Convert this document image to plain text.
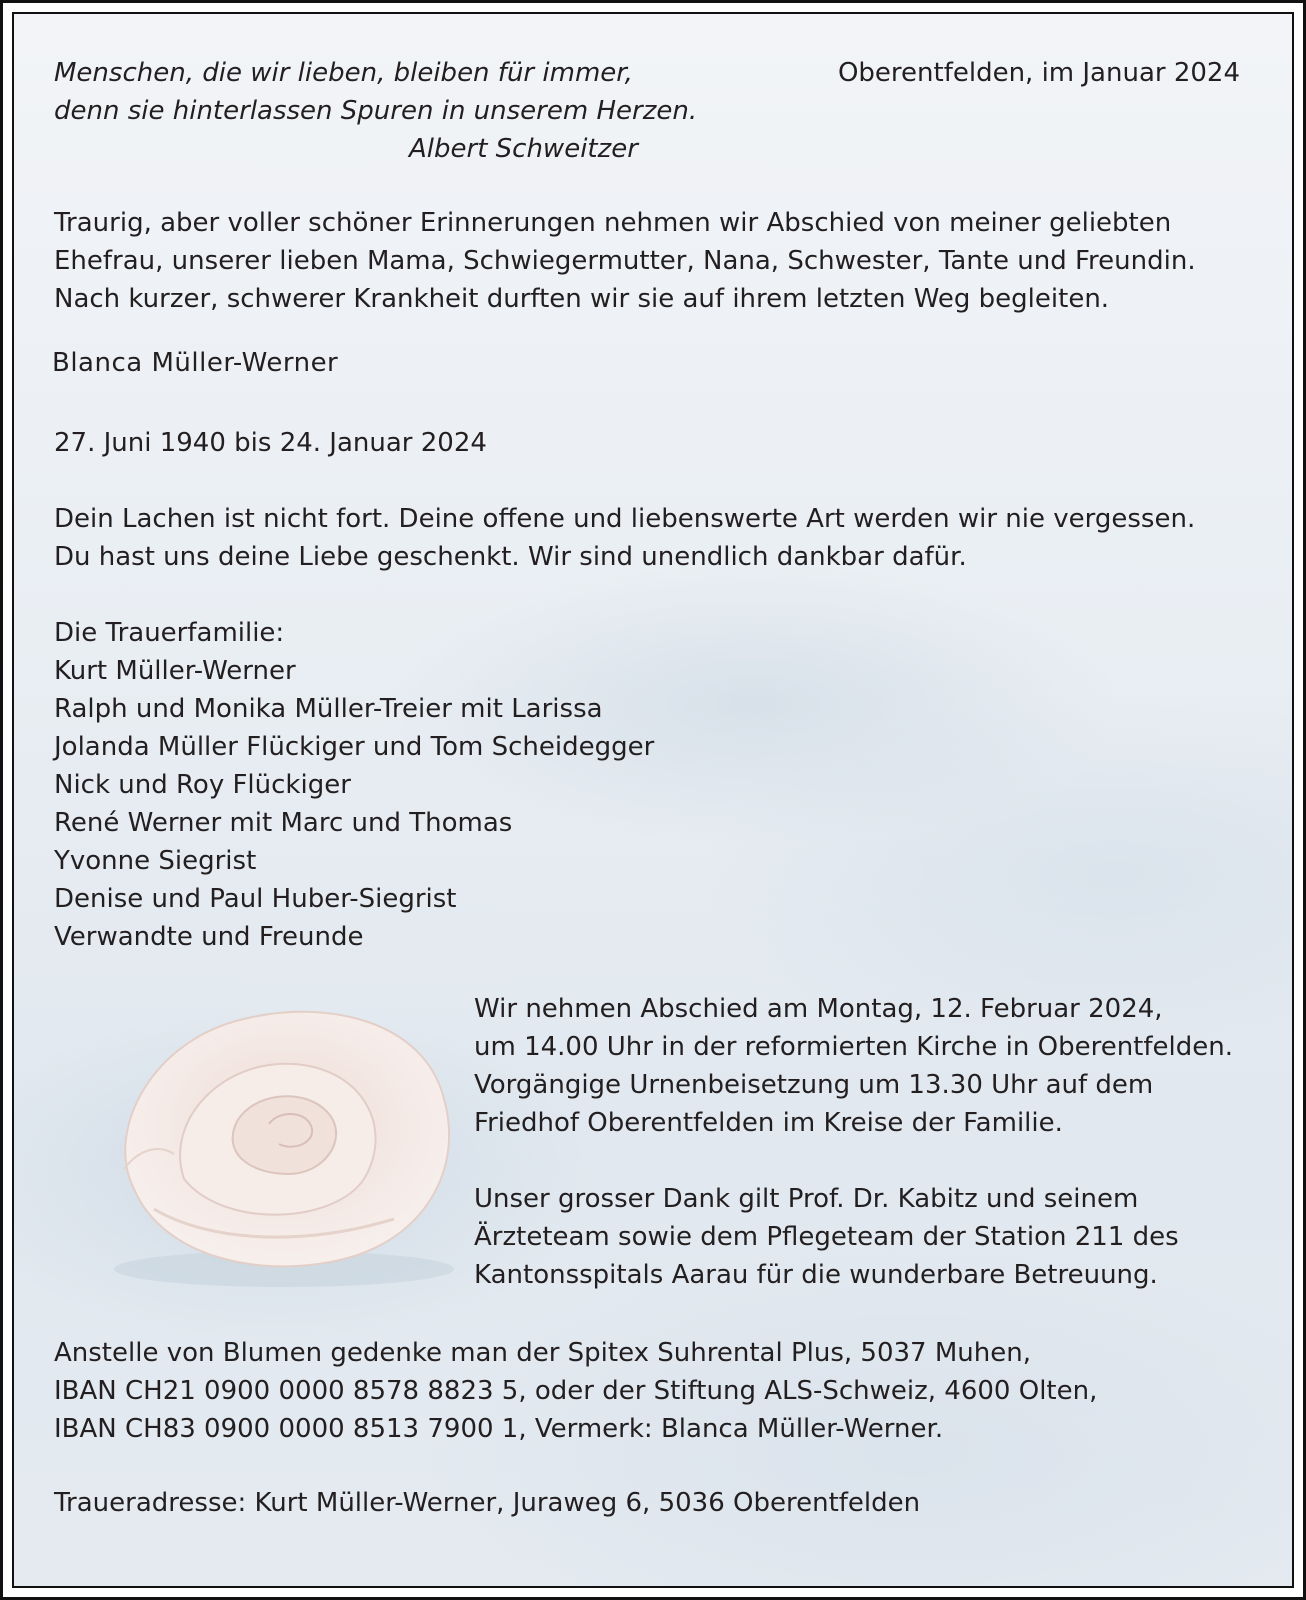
Menschen, die wir lieben, bleiben für immer,
denn sie hinterlassen Spuren in unserem Herzen.
Albert Schweitzer
Oberentfelden, im Januar 2024
Traurig, aber voller schöner Erinnerungen nehmen wir Abschied von meiner geliebten
Ehefrau, unserer lieben Mama, Schwiegermutter, Nana, Schwester, Tante und Freundin.
Nach kurzer, schwerer Krankheit durften wir sie auf ihrem letzten Weg begleiten.
Blanca Müller-Werner
27. Juni 1940 bis 24. Januar 2024
Dein Lachen ist nicht fort. Deine offene und liebenswerte Art werden wir nie vergessen.
Du hast uns deine Liebe geschenkt. Wir sind unendlich dankbar dafür.
Die Trauerfamilie:
Kurt Müller-Werner
Ralph und Monika Müller-Treier mit Larissa
Jolanda Müller Flückiger und Tom Scheidegger
Nick und Roy Flückiger
René Werner mit Marc und Thomas
Yvonne Siegrist
Denise und Paul Huber-Siegrist
Verwandte und Freunde
Wir nehmen Abschied am Montag, 12. Februar 2024,
um 14.00 Uhr in der reformierten Kirche in Oberentfelden.
Vorgängige Urnenbeisetzung um 13.30 Uhr auf dem
Friedhof Oberentfelden im Kreise der Familie.
Unser grosser Dank gilt Prof. Dr. Kabitz und seinem
Ärzteteam sowie dem Pflegeteam der Station 211 des
Kantonsspitals Aarau für die wunderbare Betreuung.
Anstelle von Blumen gedenke man der Spitex Suhrental Plus, 5037 Muhen,
IBAN CH21 0900 0000 8578 8823 5, oder der Stiftung ALS-Schweiz, 4600 Olten,
IBAN CH83 0900 0000 8513 7900 1, Vermerk: Blanca Müller-Werner.
Traueradresse: Kurt Müller-Werner, Juraweg 6, 5036 Oberentfelden
